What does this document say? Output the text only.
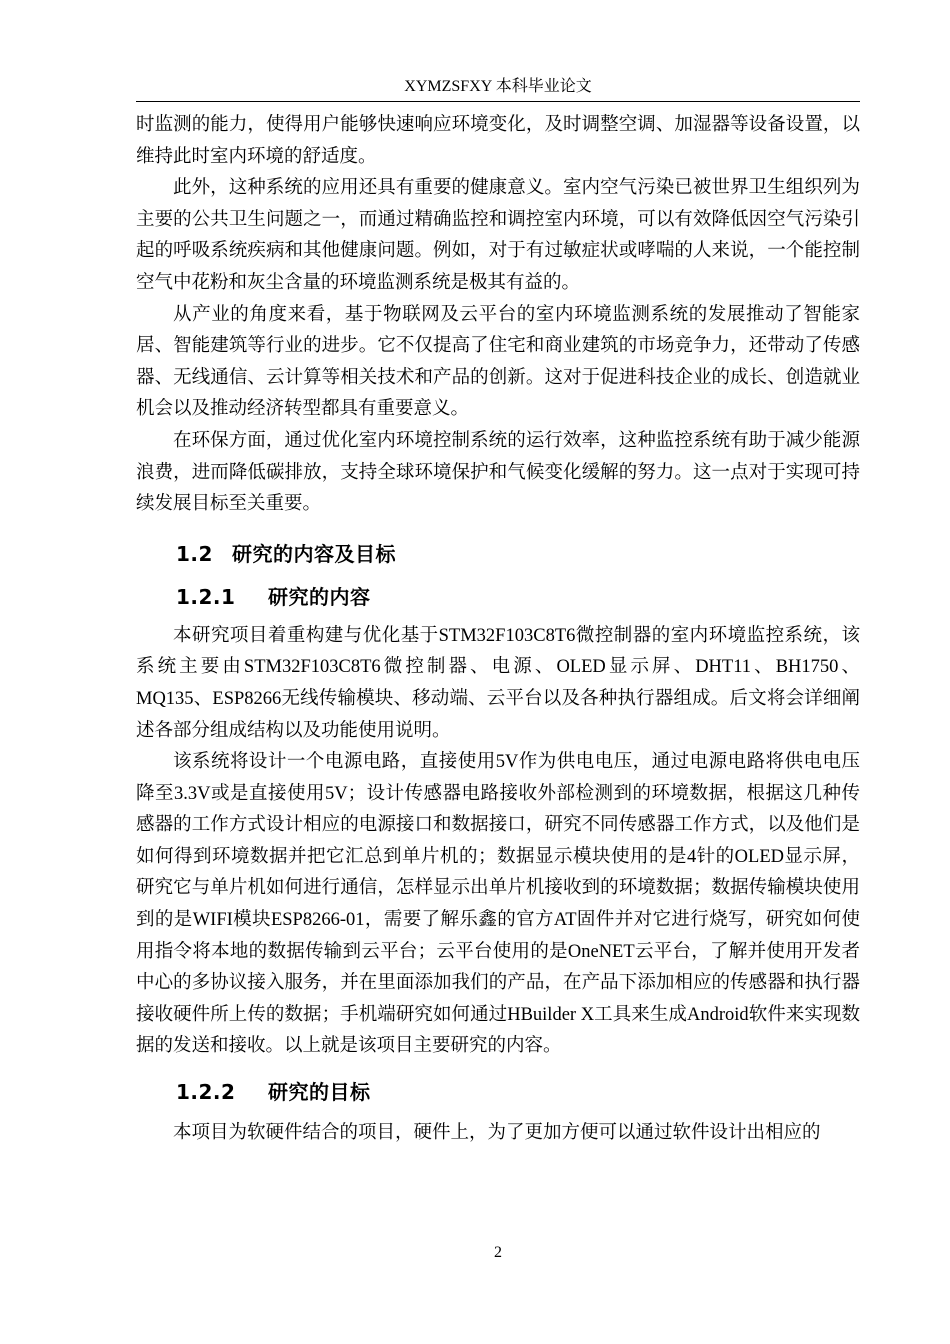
XYMZSFXY 本科毕业论文

时监测的能力，使得用户能够快速响应环境变化，及时调整空调、加湿器等设备设置，以维持此时室内环境的舒适度。

此外，这种系统的应用还具有重要的健康意义。室内空气污染已被世界卫生组织列为主要的公共卫生问题之一，而通过精确监控和调控室内环境，可以有效降低因空气污染引起的呼吸系统疾病和其他健康问题。例如，对于有过敏症状或哮喘的人来说，一个能控制空气中花粉和灰尘含量的环境监测系统是极其有益的。

从产业的角度来看，基于物联网及云平台的室内环境监测系统的发展推动了智能家居、智能建筑等行业的进步。它不仅提高了住宅和商业建筑的市场竞争力，还带动了传感器、无线通信、云计算等相关技术和产品的创新。这对于促进科技企业的成长、创造就业机会以及推动经济转型都具有重要意义。

在环保方面，通过优化室内环境控制系统的运行效率，这种监控系统有助于减少能源浪费，进而降低碳排放，支持全球环境保护和气候变化缓解的努力。这一点对于实现可持续发展目标至关重要。

1.2 研究的内容及目标
1.2.1 研究的内容

本研究项目着重构建与优化基于STM32F103C8T6微控制器的室内环境监控系统，该系统主要由STM32F103C8T6微控制器、电源、OLED显示屏、DHT11、BH1750、MQ135、ESP8266无线传输模块、移动端、云平台以及各种执行器组成。后文将会详细阐述各部分组成结构以及功能使用说明。

该系统将设计一个电源电路，直接使用5V作为供电电压，通过电源电路将供电电压降至3.3V或是直接使用5V；设计传感器电路接收外部检测到的环境数据，根据这几种传感器的工作方式设计相应的电源接口和数据接口，研究不同传感器工作方式，以及他们是如何得到环境数据并把它汇总到单片机的；数据显示模块使用的是4针的OLED显示屏，研究它与单片机如何进行通信，怎样显示出单片机接收到的环境数据；数据传输模块使用到的是WIFI模块ESP8266-01，需要了解乐鑫的官方AT固件并对它进行烧写，研究如何使用指令将本地的数据传输到云平台；云平台使用的是OneNET云平台，了解并使用开发者中心的多协议接入服务，并在里面添加我们的产品，在产品下添加相应的传感器和执行器接收硬件所上传的数据；手机端研究如何通过HBuilder X工具来生成Android软件来实现数据的发送和接收。以上就是该项目主要研究的内容。

1.2.2 研究的目标

本项目为软硬件结合的项目，硬件上，为了更加方便可以通过软件设计出相应的

2
